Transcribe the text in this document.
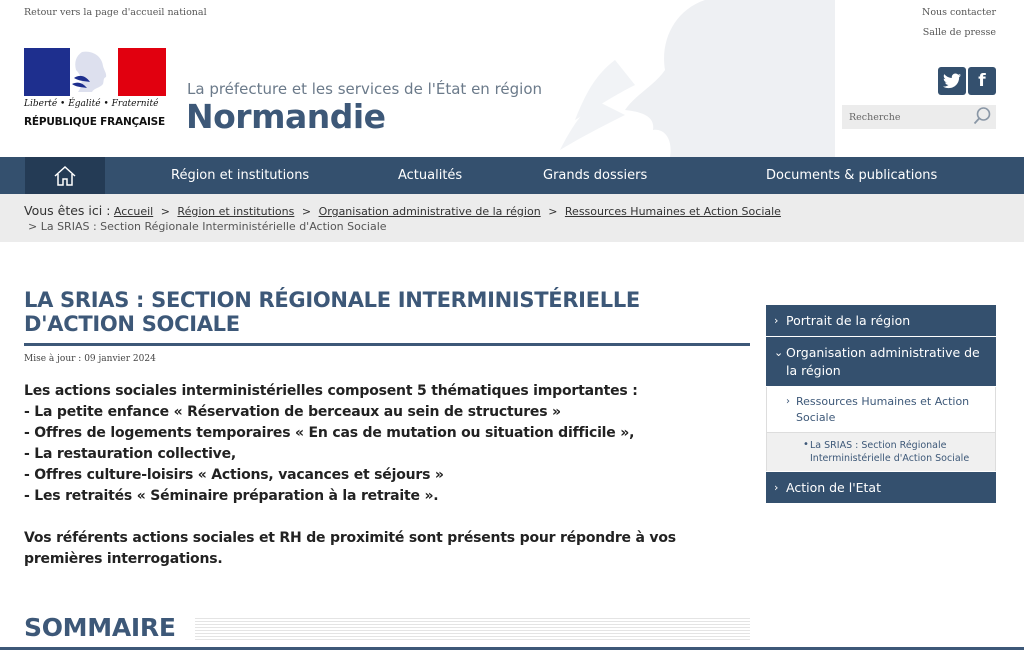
Retour vers la page d'accueil national	Nous contacter
Salle de presse
Liberté • Égalité • Fraternité
RÉPUBLIQUE FRANÇAISE
La préfecture et les services de l'État en région
Normandie
f
Recherche
Région et institutions	Actualités	Grands dossiers	Documents & publications
Vous êtes ici : Accueil > Région et institutions > Organisation administrative de la région > Ressources Humaines et Action Sociale
> La SRIAS : Section Régionale Interministérielle d'Action Sociale
LA SRIAS : SECTION RÉGIONALE INTERMINISTÉRIELLE D'ACTION SOCIALE
Mise à jour : 09 janvier 2024

Les actions sociales interministérielles composent 5 thématiques importantes :

- La petite enfance « Réservation de berceaux au sein de structures »

- Offres de logements temporaires « En cas de mutation ou situation difficile »,

- La restauration collective,

- Offres culture-loisirs « Actions, vacances et séjours »

- Les retraités « Séminaire préparation à la retraite ».

Vos référents actions sociales et RH de proximité sont présents pour répondre à vos premières interrogations.

SOMMAIRE
› Portrait de la région
⌄ Organisation administrative de la région
› Ressources Humaines et Action Sociale
• La SRIAS : Section Régionale Interministérielle d'Action Sociale
› Action de l'Etat
